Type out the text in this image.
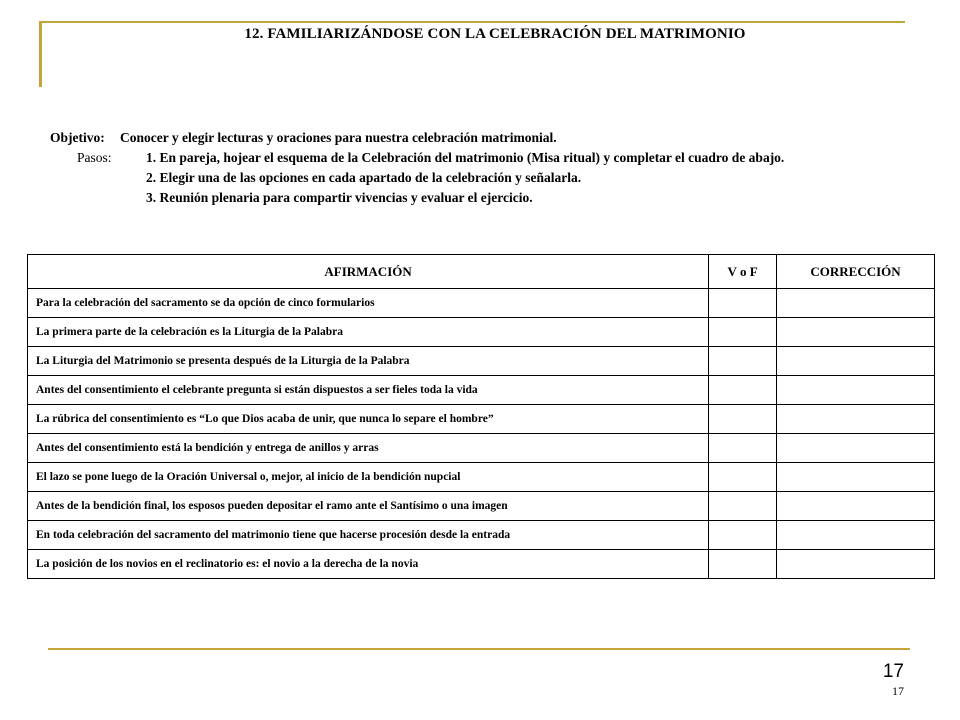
12. FAMILIARIZÁNDOSE CON LA CELEBRACIÓN DEL MATRIMONIO
Objetivo:	Conocer y elegir lecturas y oraciones para nuestra celebración matrimonial.
Pasos:	1. En pareja, hojear el esquema de la Celebración del matrimonio (Misa ritual) y completar el cuadro de abajo.
2. Elegir una de las opciones en cada apartado de la celebración y señalarla.
3. Reunión plenaria para compartir vivencias y evaluar el ejercicio.
AFIRMACIÓN	V o F	CORRECCIÓN
Para la celebración del sacramento se da opción de cinco formularios		
La primera parte de la celebración es la Liturgia de la Palabra		
La Liturgia del Matrimonio se presenta después de la Liturgia de la Palabra		
Antes del consentimiento el celebrante pregunta si están dispuestos a ser fieles toda la vida		
La rúbrica del consentimiento es “Lo que Dios acaba de unir, que nunca lo separe el hombre”		
Antes del consentimiento está la bendición y entrega de anillos y arras		
El lazo se pone luego de la Oración Universal o, mejor, al inicio de la bendición nupcial		
Antes de la bendición final, los esposos pueden depositar el ramo ante el Santísimo o una imagen		
En toda celebración del sacramento del matrimonio tiene que hacerse procesión desde la entrada		
La posición de los novios en el reclinatorio es: el novio a la derecha de la novia		
17
17
